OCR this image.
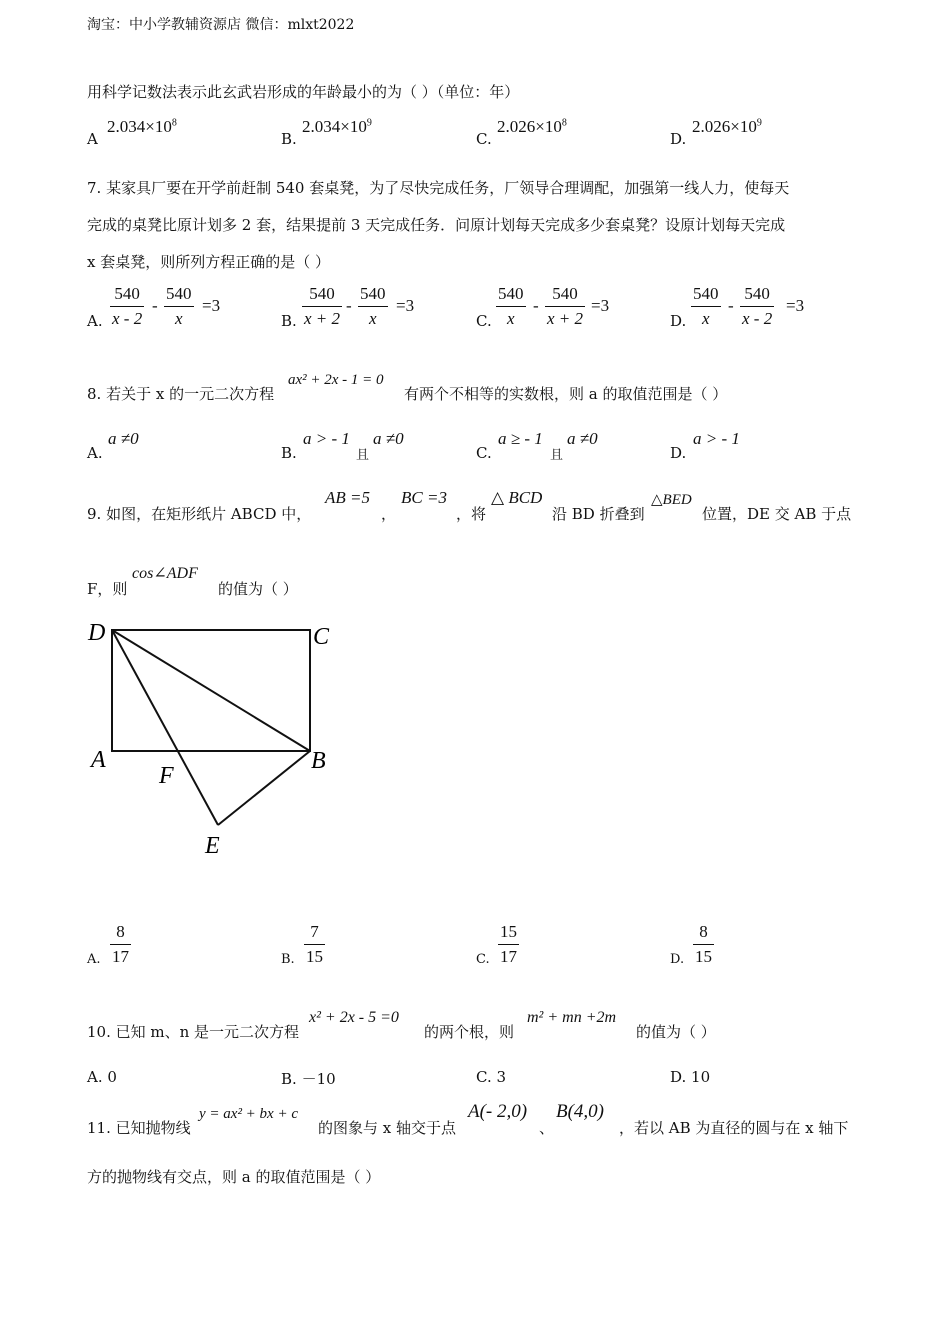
淘宝：中小学教辅资源店 微信：mlxt2022
用科学记数法表示此玄武岩形成的年龄最小的为（ ）（单位：年）
A
$2.034\times 10^8$
B.
$2.034\times 10^9$
C.
$2.026\times 10^8$
D.
$2.026\times 10^9$
7. 某家具厂要在开学前赶制 540 套桌凳，为了尽快完成任务，厂领导合理调配，加强第一线人力，使每天
完成的桌凳比原计划多 2 套，结果提前 3 天完成任务．问原计划每天完成多少套桌凳？设原计划每天完成
x 套桌凳，则所列方程正确的是（ ）
A.
540
x - 2
-
540
x
=3
B.
540
x + 2
-
540
x
=3
C.
540
x
-
540
x + 2
=3
D.
540
x
-
540
x - 2
=3
8. 若关于 x 的一元二次方程
ax² + 2x - 1 = 0
有两个不相等的实数根，则 a 的取值范围是（ ）
A.
a ≠0
B.
a > - 1
且
a ≠0
C.
a ≥ - 1
且
a ≠0
D.
a > - 1
9. 如图，在矩形纸片 ABCD 中，
AB =5
，
BC =3
，将
△ BCD
沿 BD 折叠到
△BED
位置，DE 交 AB 于点
F，则
cos∠ADF
的值为（ ）
D	C
A	B
F
E
A.
8
17	B.
7
15	C.
15
17	D.
8
15
10. 已知 m、n 是一元二次方程
x² + 2x - 5 =0
的两个根，则
m² + mn +2m
的值为（ ）
A. 0	B. －10	C. 3	D. 10
11. 已知抛物线
y = ax² + bx + c
的图象与 x 轴交于点
A(- 2,0)
、
B(4,0)
，若以 AB 为直径的圆与在 x 轴下
方的抛物线有交点，则 a 的取值范围是（ ）
